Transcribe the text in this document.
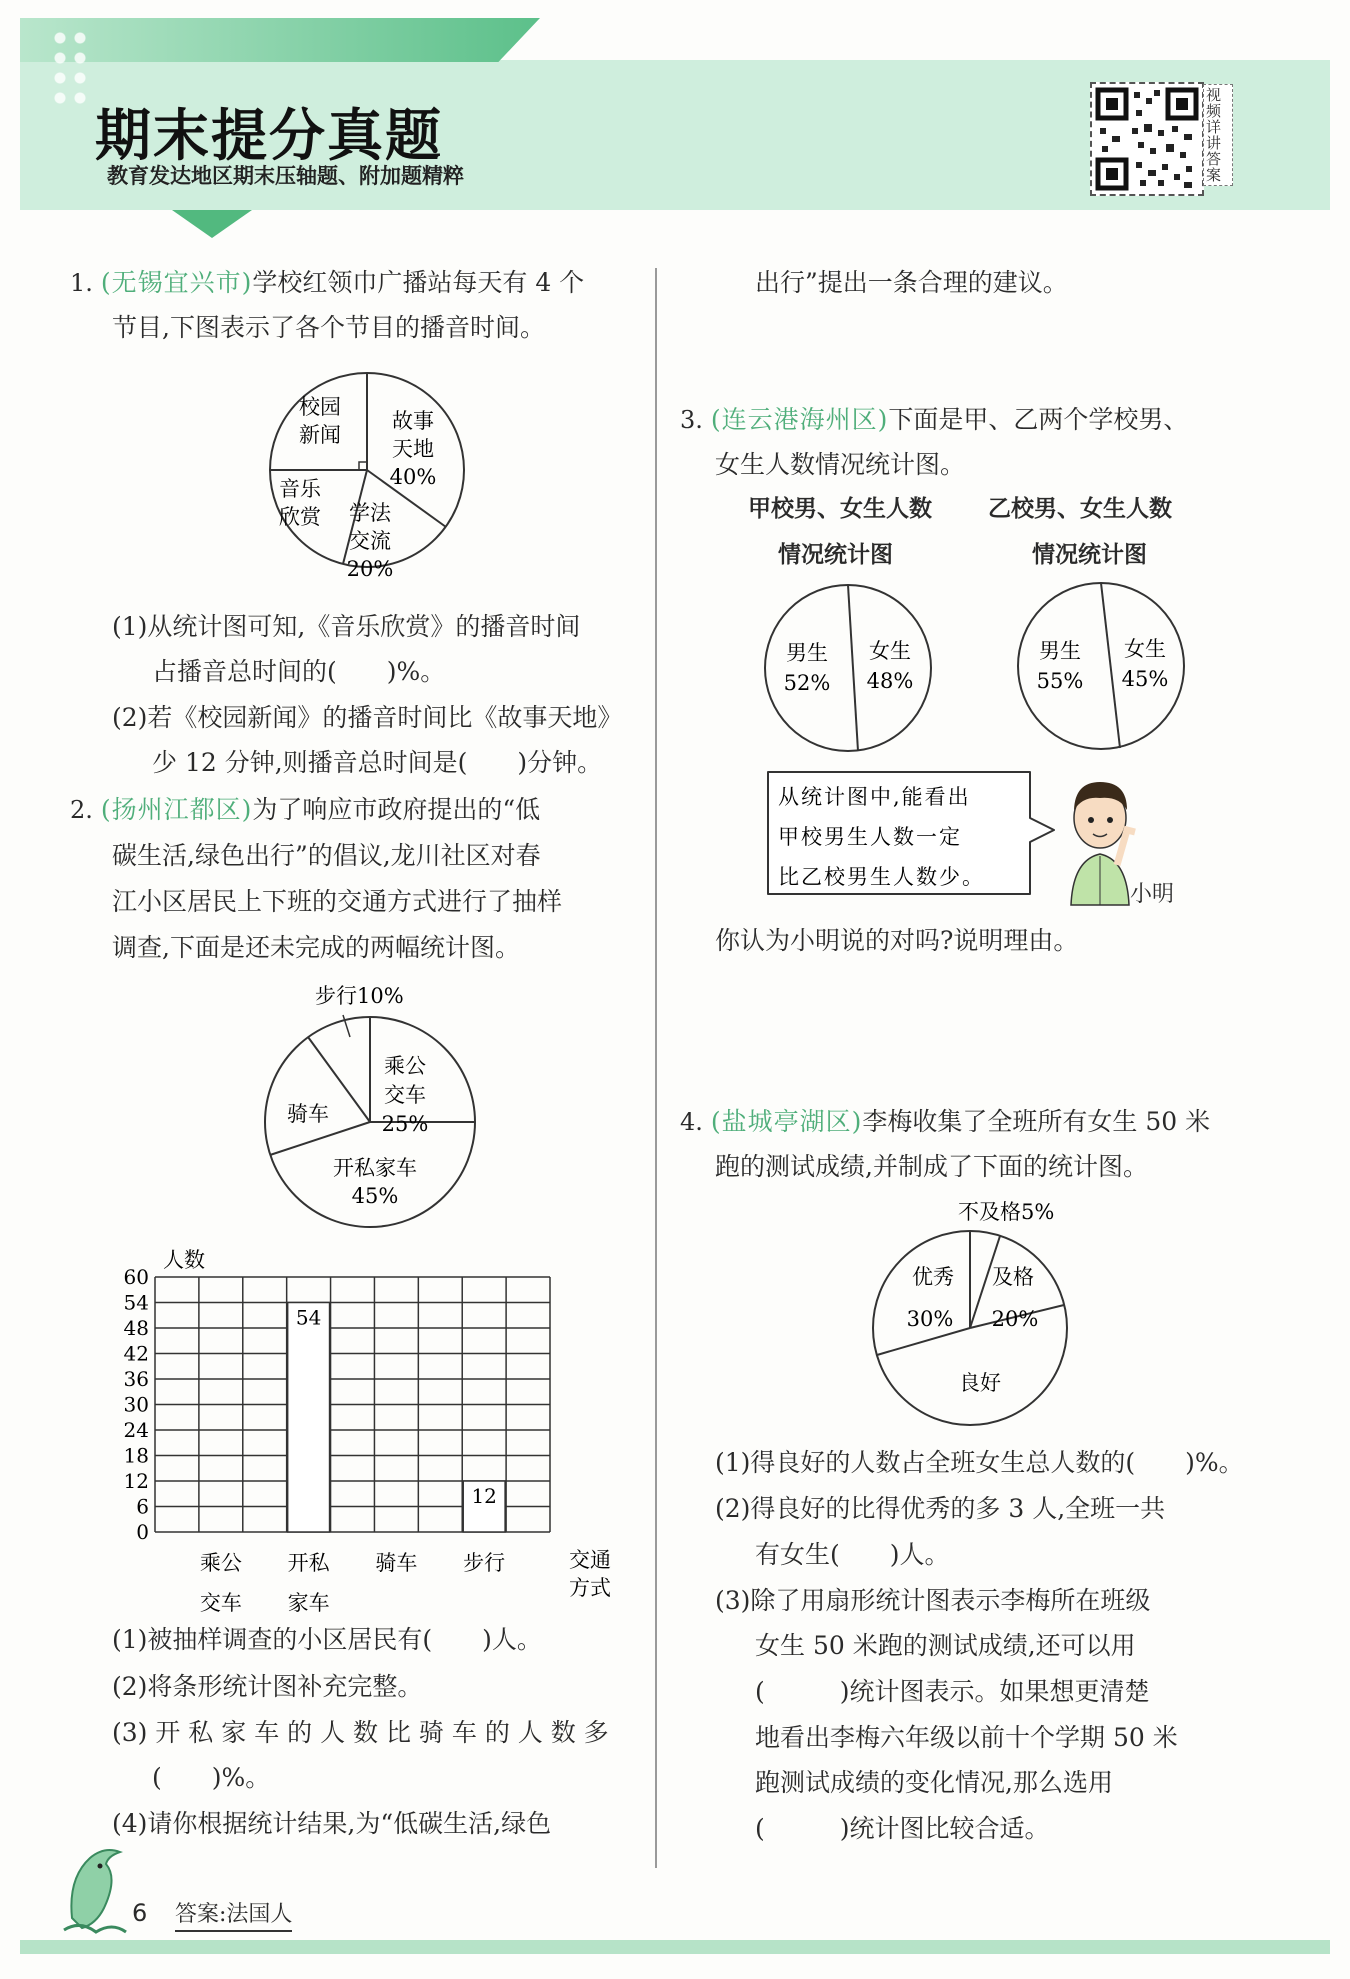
期末提分真题
教育发达地区期末压轴题、附加题精粹
视频详讲答案
1. (无锡宜兴市)学校红领巾广播站每天有 4 个
节目,下图表示了各个节目的播音时间。
校园
新闻
故事
天地
40%
音乐
欣赏 学法
交流
20%
(1)从统计图可知,《音乐欣赏》的播音时间
占播音总时间的(　　)%。
(2)若《校园新闻》的播音时间比《故事天地》
少 12 分钟,则播音总时间是(　　)分钟。
2. (扬州江都区)为了响应市政府提出的“低
碳生活,绿色出行”的倡议,龙川社区对春
江小区居民上下班的交通方式进行了抽样
调查,下面是还未完成的两幅统计图。
步行10%
乘公
交车
25%
骑车
开私家车
45%
0
6
12
18
24
30
36
42
48
54
60
人数
乘公
交车
54
开私
家车
骑车
12
步行	交通
方式
(1)被抽样调查的小区居民有(　　)人。
(2)将条形统计图补充完整。
(3) 开 私 家 车 的 人 数 比 骑 车 的 人 数 多
(　　)%。
(4)请你根据统计结果,为“低碳生活,绿色
出行”提出一条合理的建议。
3. (连云港海州区)下面是甲、乙两个学校男、
女生人数情况统计图。
甲校男、女生人数
情况统计图
乙校男、女生人数
情况统计图
男生
52%
女生
48%
男生
55%
女生
45%
从统计图中,能看出
甲校男生人数一定
比乙校男生人数少。
小明
你认为小明说的对吗?说明理由。
4. (盐城亭湖区)李梅收集了全班所有女生 50 米
跑的测试成绩,并制成了下面的统计图。
不及格5%
优秀
30%
及格
20%
良好
(1)得良好的人数占全班女生总人数的(　　)%。
(2)得良好的比得优秀的多 3 人,全班一共
有女生(　　)人。
(3)除了用扇形统计图表示李梅所在班级
女生 50 米跑的测试成绩,还可以用
(　　　)统计图表示。如果想更清楚
地看出李梅六年级以前十个学期 50 米
跑测试成绩的变化情况,那么选用
(　　　)统计图比较合适。
6 答案:法国人
